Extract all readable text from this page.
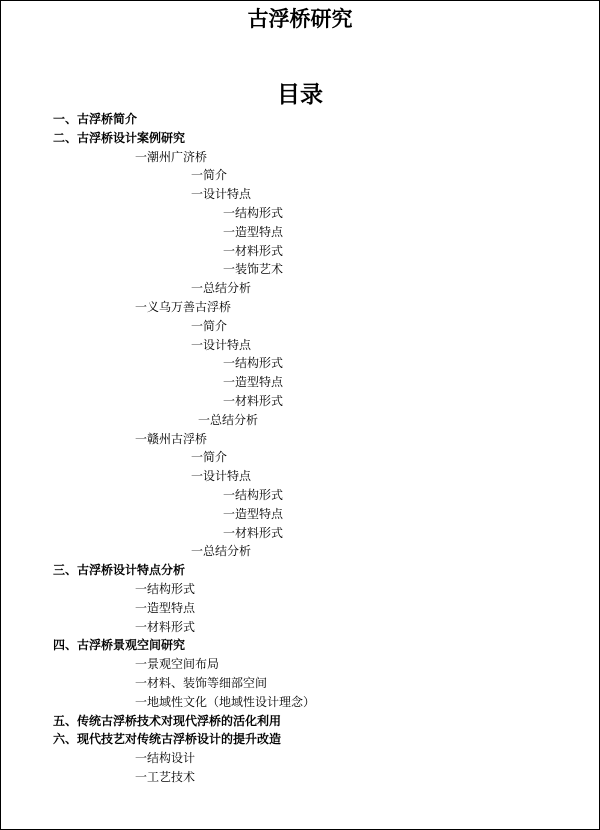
古浮桥研究
目录
一、古浮桥简介
二、古浮桥设计案例研究
一潮州广济桥
一简介
一设计特点
一结构形式
一造型特点
一材料形式
一装饰艺术
一总结分析
一义乌万善古浮桥
一简介
一设计特点
一结构形式
一造型特点
一材料形式
一总结分析
一赣州古浮桥
一简介
一设计特点
一结构形式
一造型特点
一材料形式
一总结分析
三、古浮桥设计特点分析
一结构形式
一造型特点
一材料形式
四、古浮桥景观空间研究
一景观空间布局
一材料、装饰等细部空间
一地域性文化（地域性设计理念）
五、传统古浮桥技术对现代浮桥的活化利用
六、现代技艺对传统古浮桥设计的提升改造
一结构设计
一工艺技术
